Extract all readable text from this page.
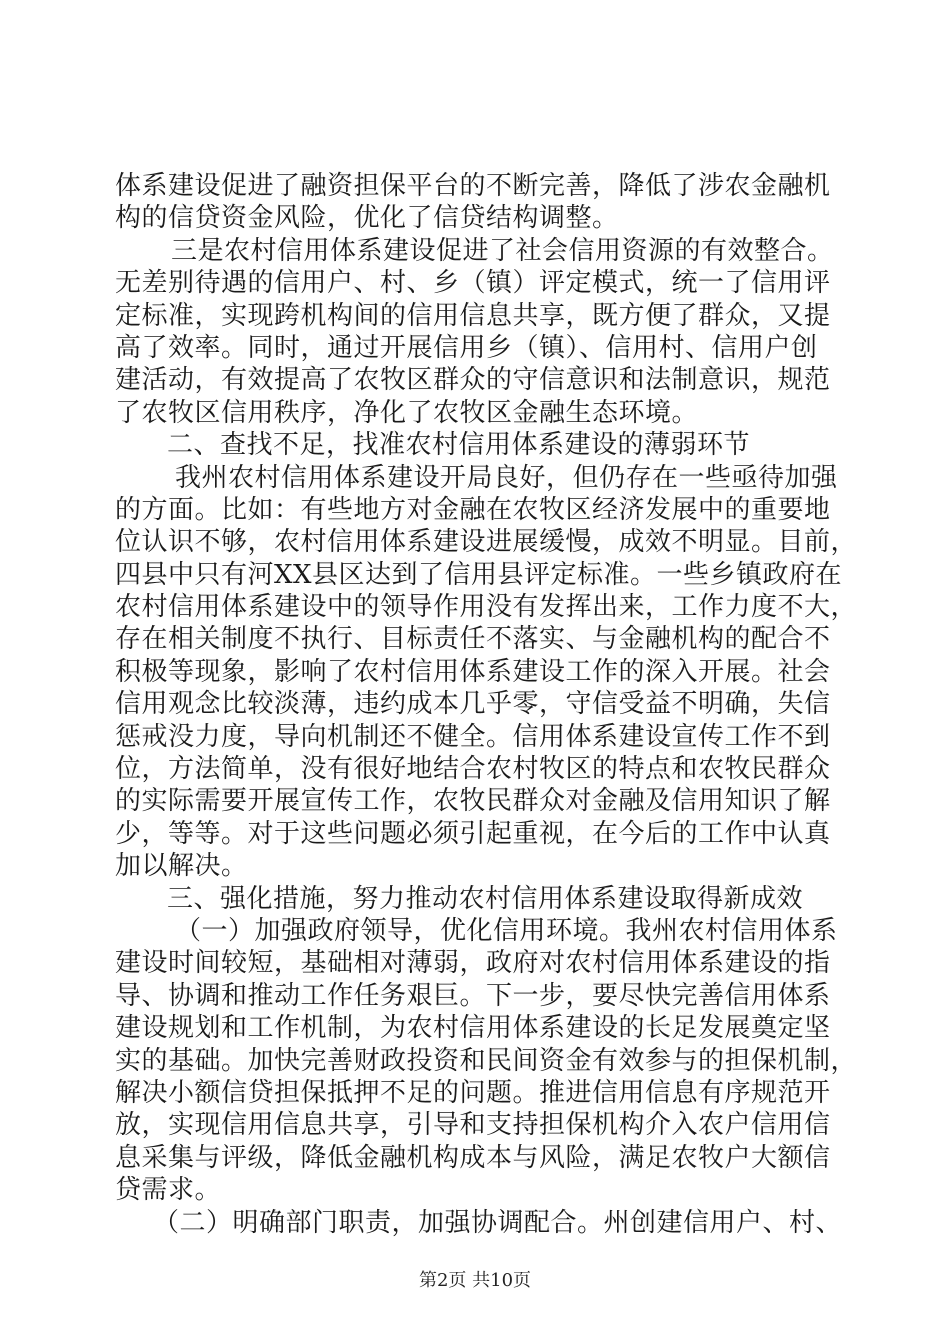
体系建设促进了融资担保平台的不断完善，降低了涉农金融机
构的信贷资金风险，优化了信贷结构调整。
三是农村信用体系建设促进了社会信用资源的有效整合。
无差别待遇的信用户、村、乡（镇）评定模式，统一了信用评
定标准，实现跨机构间的信用信息共享，既方便了群众，又提
高了效率。同时，通过开展信用乡（镇）、信用村、信用户创
建活动，有效提高了农牧区群众的守信意识和法制意识，规范
了农牧区信用秩序，净化了农牧区金融生态环境。
二、查找不足，找准农村信用体系建设的薄弱环节
我州农村信用体系建设开局良好，但仍存在一些亟待加强
的方面。比如：有些地方对金融在农牧区经济发展中的重要地
位认识不够，农村信用体系建设进展缓慢，成效不明显。目前，
四县中只有河XX县区达到了信用县评定标准。一些乡镇政府在
农村信用体系建设中的领导作用没有发挥出来，工作力度不大，
存在相关制度不执行、目标责任不落实、与金融机构的配合不
积极等现象，影响了农村信用体系建设工作的深入开展。社会
信用观念比较淡薄，违约成本几乎零，守信受益不明确，失信
惩戒没力度，导向机制还不健全。信用体系建设宣传工作不到
位，方法简单，没有很好地结合农村牧区的特点和农牧民群众
的实际需要开展宣传工作，农牧民群众对金融及信用知识了解
少，等等。对于这些问题必须引起重视，在今后的工作中认真
加以解决。
三、强化措施，努力推动农村信用体系建设取得新成效
（一）加强政府领导，优化信用环境。我州农村信用体系
建设时间较短，基础相对薄弱，政府对农村信用体系建设的指
导、协调和推动工作任务艰巨。下一步，要尽快完善信用体系
建设规划和工作机制，为农村信用体系建设的长足发展奠定坚
实的基础。加快完善财政投资和民间资金有效参与的担保机制，
解决小额信贷担保抵押不足的问题。推进信用信息有序规范开
放，实现信用信息共享，引导和支持担保机构介入农户信用信
息采集与评级，降低金融机构成本与风险，满足农牧户大额信
贷需求。
（二）明确部门职责，加强协调配合。州创建信用户、村、
第2页 共10页
